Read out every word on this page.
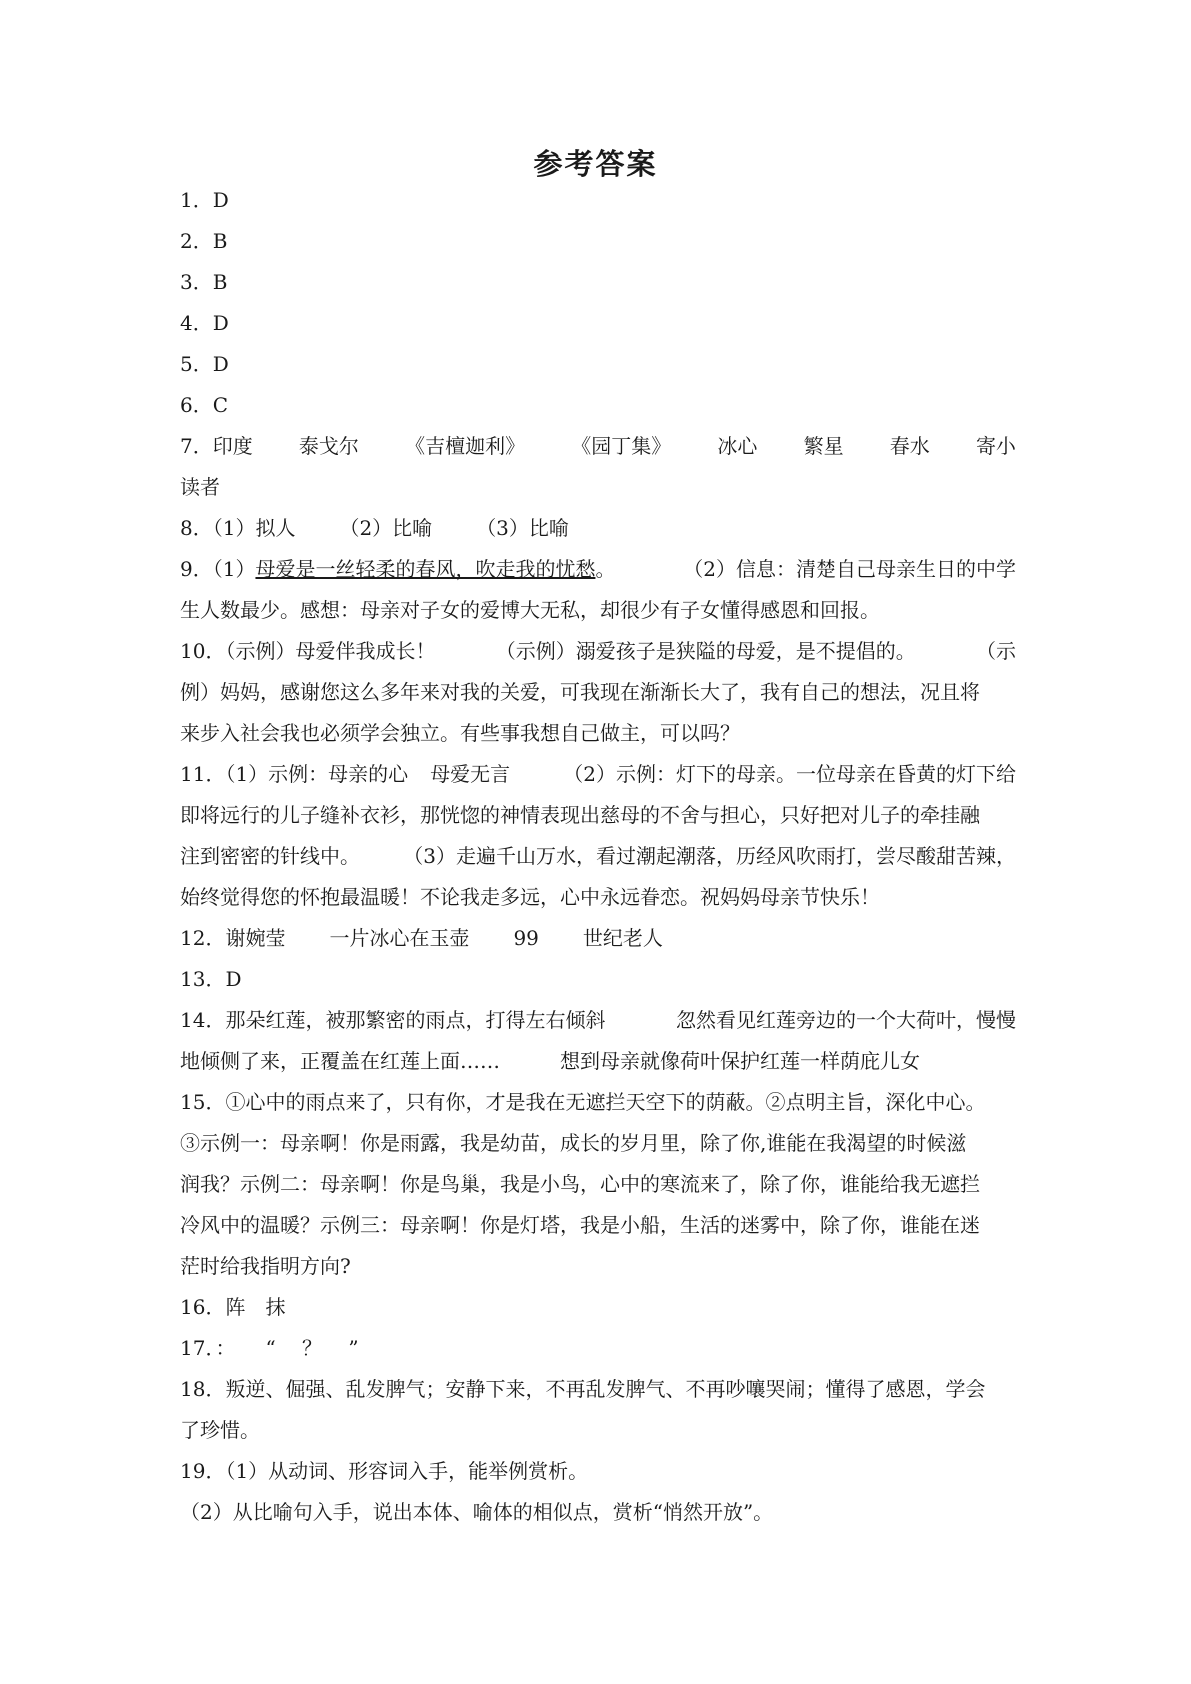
参考答案
1．D
2．B
3．B
4．D
5．D
6．C
7．印度 泰戈尔 《吉檀迦利》 《园丁集》 冰心 繁星 春水 寄小
读者
8．（1）拟人 （2）比喻 （3）比喻
9．（1）母爱是一丝轻柔的春风，吹走我的忧愁。	（2）信息：清楚自己母亲生日的中学
生人数最少。感想：母亲对子女的爱博大无私，却很少有子女懂得感恩和回报。
10．（示例）母爱伴我成长！	（示例）溺爱孩子是狭隘的母爱，是不提倡的。	（示
例）妈妈，感谢您这么多年来对我的关爱，可我现在渐渐长大了，我有自己的想法，况且将
来步入社会我也必须学会独立。有些事我想自己做主，可以吗？
11．（1）示例：母亲的心 母爱无言	（2）示例：灯下的母亲。一位母亲在昏黄的灯下给
即将远行的儿子缝补衣衫，那恍惚的神情表现出慈母的不舍与担心，只好把对儿子的牵挂融
注到密密的针线中。 （3）走遍千山万水，看过潮起潮落，历经风吹雨打，尝尽酸甜苦辣，
始终觉得您的怀抱最温暖！不论我走多远，心中永远眷恋。祝妈妈母亲节快乐！
12．谢婉莹 一片冰心在玉壶 99 世纪老人
13．D
14．那朵红莲，被那繁密的雨点，打得左右倾斜	忽然看见红莲旁边的一个大荷叶，慢慢
地倾侧了来，正覆盖在红莲上面……	想到母亲就像荷叶保护红莲一样荫庇儿女
15．①心中的雨点来了，只有你，才是我在无遮拦天空下的荫蔽。②点明主旨，深化中心。
③示例一：母亲啊！你是雨露，我是幼苗，成长的岁月里，除了你,谁能在我渴望的时候滋
润我？示例二：母亲啊！你是鸟巢，我是小鸟，心中的寒流来了，除了你，谁能给我无遮拦
冷风中的温暖？示例三：母亲啊！你是灯塔，我是小船，生活的迷雾中，除了你，谁能在迷
茫时给我指明方向?
16．阵 抹
17．：　　“　 ？　 ”
18．叛逆、倔强、乱发脾气；安静下来，不再乱发脾气、不再吵嚷哭闹；懂得了感恩，学会
了珍惜。
19．（1）从动词、形容词入手，能举例赏析。
（2）从比喻句入手，说出本体、喻体的相似点，赏析“悄然开放”。
